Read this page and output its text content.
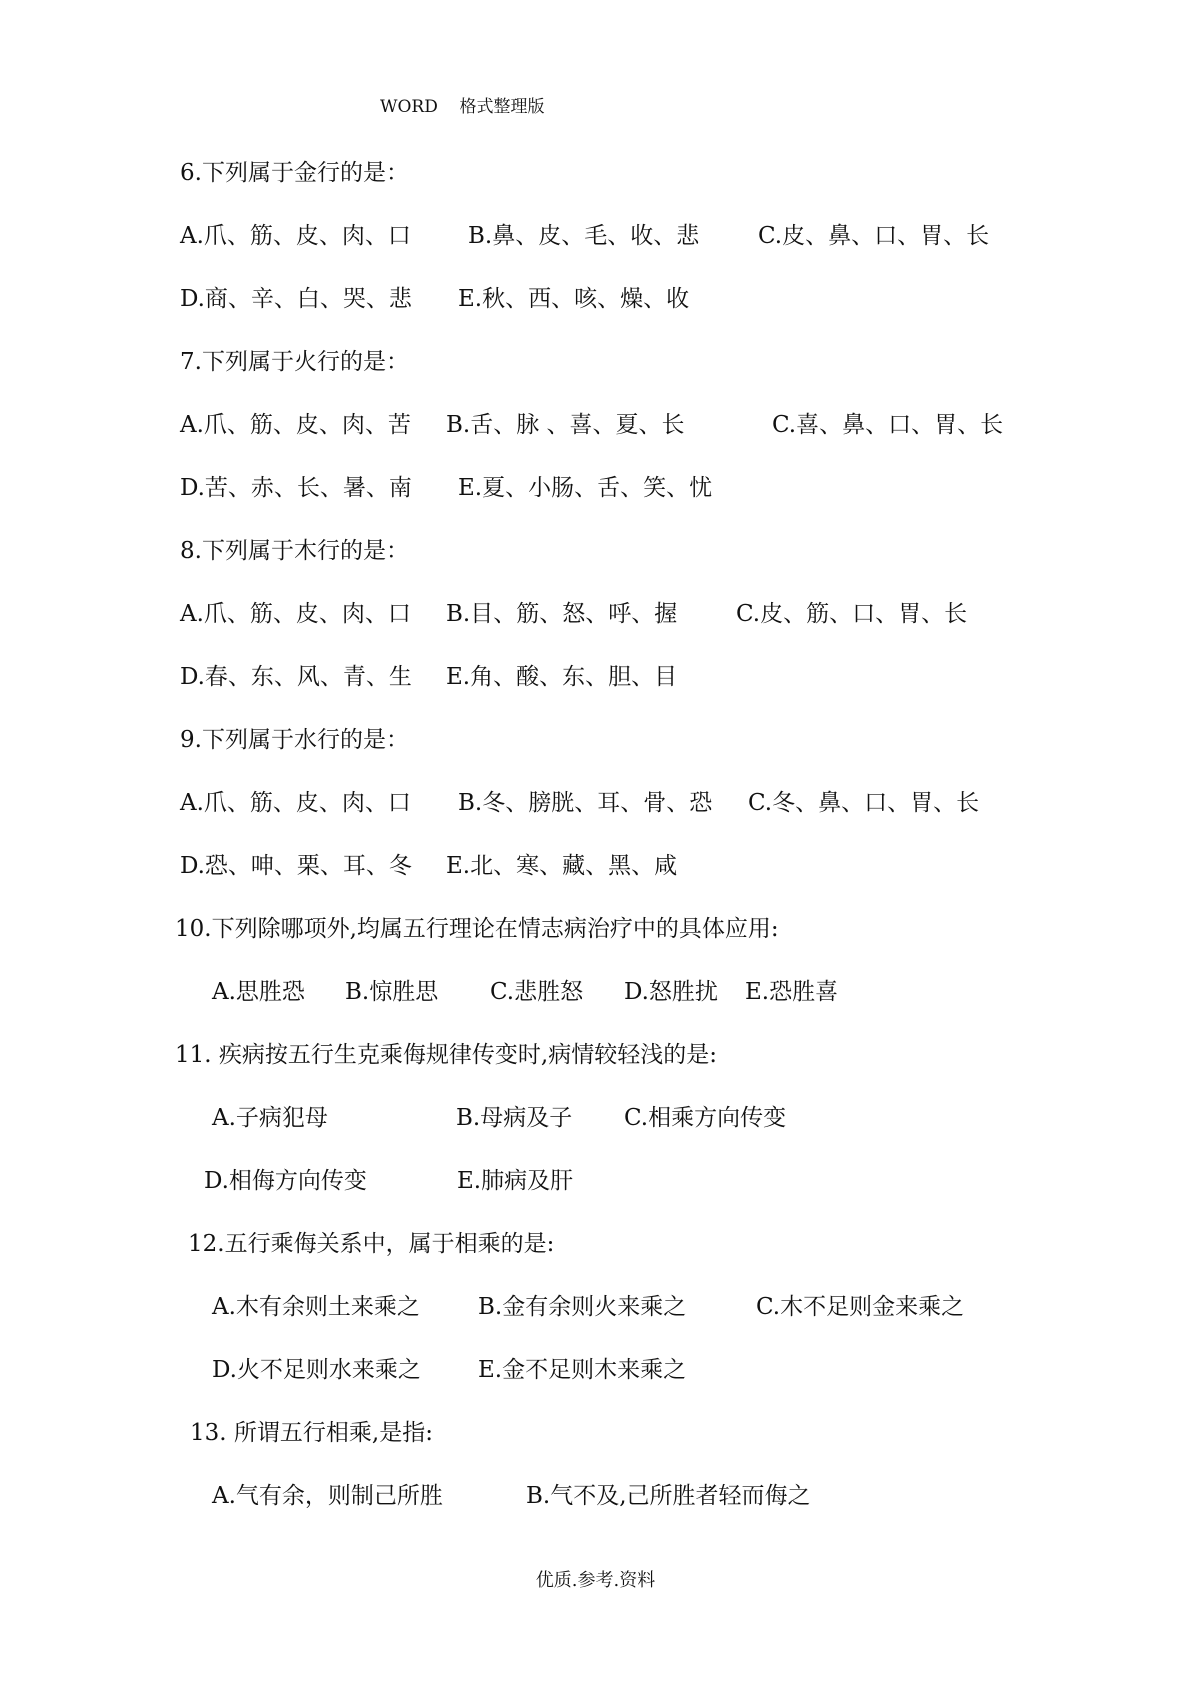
WORD    格式整理版
6.下列属于金行的是：
A.爪、筋、皮、肉、口 B.鼻、皮、毛、收、悲	C.皮、鼻、口、胃、长
D.商、辛、白、哭、悲 E.秋、西、咳、燥、收
7.下列属于火行的是：
A.爪、筋、皮、肉、苦 B.舌、脉 、喜、夏、长	C.喜、鼻、口、胃、长
D.苦、赤、长、暑、南 E.夏、小肠、舌、笑、忧
8.下列属于木行的是：
A.爪、筋、皮、肉、口 B.目、筋、怒、呼、握	C.皮、筋、口、胃、长
D.春、东、风、青、生 E.角、酸、东、胆、目
9.下列属于水行的是：
A.爪、筋、皮、肉、口 B.冬、膀胱、耳、骨、恐 C.冬、鼻、口、胃、长
D.恐、呻、栗、耳、冬 E.北、寒、藏、黑、咸
10.下列除哪项外,均属五行理论在情志病治疗中的具体应用:
A.思胜恐 B.惊胜思 C.悲胜怒 D.怒胜扰 E.恐胜喜
11. 疾病按五行生克乘侮规律传变时,病情较轻浅的是:
A.子病犯母	B.母病及子 C.相乘方向传变
D.相侮方向传变	E.肺病及肝
12.五行乘侮关系中，属于相乘的是:
A.木有余则土来乘之	B.金有余则火来乘之	C.木不足则金来乘之
D.火不足则水来乘之 E.金不足则木来乘之
13. 所谓五行相乘,是指:
A.气有余，则制己所胜	B.气不及,己所胜者轻而侮之
优质.参考.资料
